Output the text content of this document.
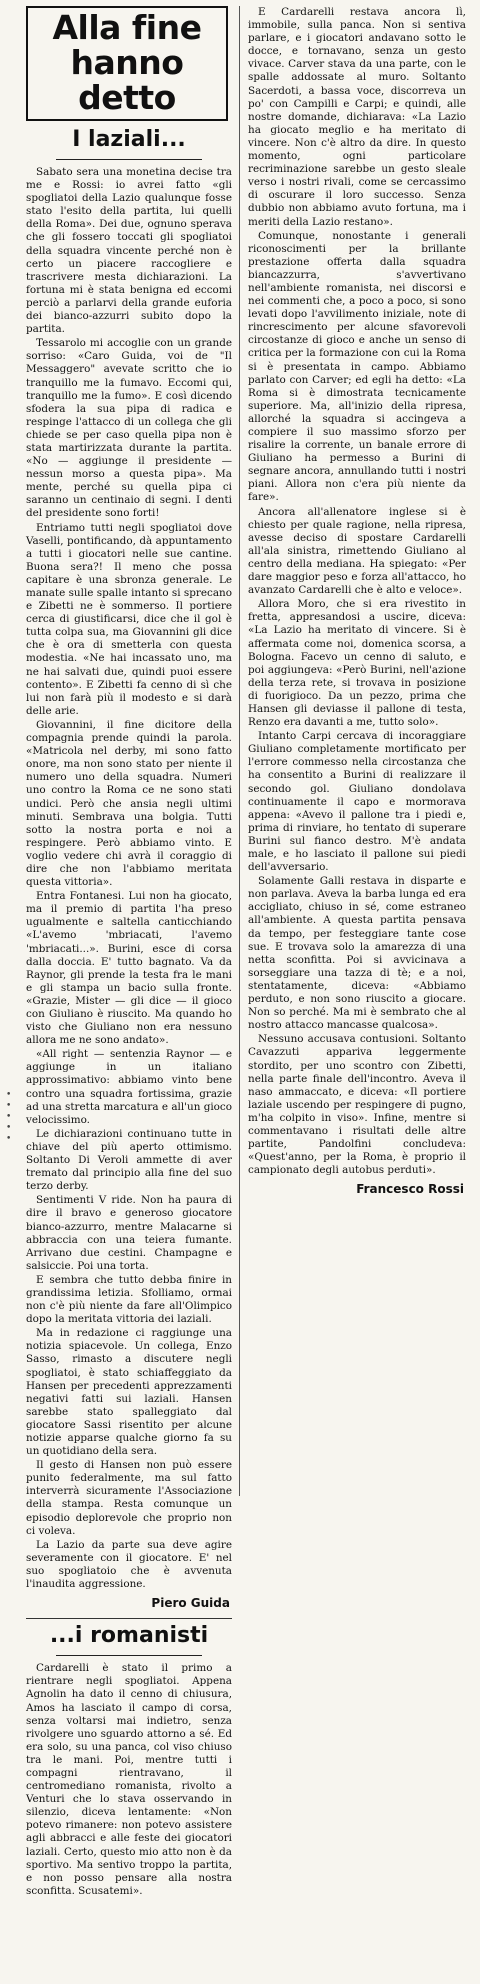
• • • • •
Alla fine
hanno detto
I laziali...

Sabato sera una monetina decise tra me e Rossi: io avrei fatto «gli spogliatoi della Lazio qualunque fosse stato l'esito della partita, lui quelli della Roma». Dei due, ognuno sperava che gli fossero toccati gli spogliatoi della squadra vincente perché non è certo un piacere raccogliere e trascrivere mesta dichiarazioni. La fortuna mi è stata benigna ed eccomi perciò a parlarvi della grande euforia dei bianco-azzurri subito dopo la partita.

Tessarolo mi accoglie con un grande sorriso: «Caro Guida, voi de "Il Messaggero" avevate scritto che io tranquillo me la fumavo. Eccomi qui, tranquillo me la fumo». E così dicendo sfodera la sua pipa di radica e respinge l'attacco di un collega che gli chiede se per caso quella pipa non è stata martirizzata durante la partita. «No — aggiunge il presidente — nessun morso a questa pipa». Ma mente, perché su quella pipa ci saranno un centinaio di segni. I denti del presidente sono forti!

Entriamo tutti negli spogliatoi dove Vaselli, pontificando, dà appuntamento a tutti i giocatori nelle sue cantine. Buona sera?! Il meno che possa capitare è una sbronza generale. Le manate sulle spalle intanto si sprecano e Zibetti ne è sommerso. Il portiere cerca di giustificarsi, dice che il gol è tutta colpa sua, ma Giovannini gli dice che è ora di smetterla con questa modestia. «Ne hai incassato uno, ma ne hai salvati due, quindi puoi essere contento». E Zibetti fa cenno di sì che lui non farà più il modesto e si darà delle arie.

Giovannini, il fine dicitore della compagnia prende quindi la parola. «Matricola nel derby, mi sono fatto onore, ma non sono stato per niente il numero uno della squadra. Numeri uno contro la Roma ce ne sono stati undici. Però che ansia negli ultimi minuti. Sembrava una bolgia. Tutti sotto la nostra porta e noi a respingere. Però abbiamo vinto. E voglio vedere chi avrà il coraggio di dire che non l'abbiamo meritata questa vittoria».

Entra Fontanesi. Lui non ha giocato, ma il premio di partita l'ha preso ugualmente e saltella canticchiando «L'avemo 'mbriacati, l'avemo 'mbriacati...». Burini, esce di corsa dalla doccia. E' tutto bagnato. Va da Raynor, gli prende la testa fra le mani e gli stampa un bacio sulla fronte. «Grazie, Mister — gli dice — il gioco con Giuliano è riuscito. Ma quando ho visto che Giuliano non era nessuno allora me ne sono andato».

«All right — sentenzia Raynor — e aggiunge in un italiano approssimativo: abbiamo vinto bene contro una squadra fortissima, grazie ad una stretta marcatura e all'un gioco velocissimo.

Le dichiarazioni continuano tutte in chiave del più aperto ottimismo. Soltanto Di Veroli ammette di aver tremato dal principio alla fine del suo terzo derby.

Sentimenti V ride. Non ha paura di dire il bravo e generoso giocatore bianco-azzurro, mentre Malacarne si abbraccia con una teiera fumante. Arrivano due cestini. Champagne e salsiccie. Poi una torta.

E sembra che tutto debba finire in grandissima letizia. Sfolliamo, ormai non c'è più niente da fare all'Olimpico dopo la meritata vittoria dei laziali.

Ma in redazione ci raggiunge una notizia spiacevole. Un collega, Enzo Sasso, rimasto a discutere negli spogliatoi, è stato schiaffeggiato da Hansen per precedenti apprezzamenti negativi fatti sui laziali. Hansen sarebbe stato spalleggiato dal giocatore Sassi risentito per alcune notizie apparse qualche giorno fa su un quotidiano della sera.

Il gesto di Hansen non può essere punito federalmente, ma sul fatto interverrà sicuramente l'Associazione della stampa. Resta comunque un episodio deplorevole che proprio non ci voleva.

La Lazio da parte sua deve agire severamente con il giocatore. E' nel suo spogliatoio che è avvenuta l'inaudita aggressione.

Piero Guida
...i romanisti

Cardarelli è stato il primo a rientrare negli spogliatoi. Appena Agnolin ha dato il cenno di chiusura, Amos ha lasciato il campo di corsa, senza voltarsi mai indietro, senza rivolgere uno sguardo attorno a sé. Ed era solo, su una panca, col viso chiuso tra le mani. Poi, mentre tutti i compagni rientravano, il centromediano romanista, rivolto a Venturi che lo stava osservando in silenzio, diceva lentamente: «Non potevo rimanere: non potevo assistere agli abbracci e alle feste dei giocatori laziali. Certo, questo mio atto non è da sportivo. Ma sentivo troppo la partita, e non posso pensare alla nostra sconfitta. Scusatemi».

E Cardarelli restava ancora lì, immobile, sulla panca. Non si sentiva parlare, e i giocatori andavano sotto le docce, e tornavano, senza un gesto vivace. Carver stava da una parte, con le spalle addossate al muro. Soltanto Sacerdoti, a bassa voce, discorreva un po' con Campilli e Carpi; e quindi, alle nostre domande, dichiarava: «La Lazio ha giocato meglio e ha meritato di vincere. Non c'è altro da dire. In questo momento, ogni particolare recriminazione sarebbe un gesto sleale verso i nostri rivali, come se cercassimo di oscurare il loro successo. Senza dubbio non abbiamo avuto fortuna, ma i meriti della Lazio restano».

Comunque, nonostante i generali riconoscimenti per la brillante prestazione offerta dalla squadra biancazzurra, s'avvertivano nell'ambiente romanista, nei discorsi e nei commenti che, a poco a poco, si sono levati dopo l'avvilimento iniziale, note di rincrescimento per alcune sfavorevoli circostanze di gioco e anche un senso di critica per la formazione con cui la Roma si è presentata in campo. Abbiamo parlato con Carver; ed egli ha detto: «La Roma si è dimostrata tecnicamente superiore. Ma, all'inizio della ripresa, allorché la squadra si accingeva a compiere il suo massimo sforzo per risalire la corrente, un banale errore di Giuliano ha permesso a Burini di segnare ancora, annullando tutti i nostri piani. Allora non c'era più niente da fare».

Ancora all'allenatore inglese si è chiesto per quale ragione, nella ripresa, avesse deciso di spostare Cardarelli all'ala sinistra, rimettendo Giuliano al centro della mediana. Ha spiegato: «Per dare maggior peso e forza all'attacco, ho avanzato Cardarelli che è alto e veloce».

Allora Moro, che si era rivestito in fretta, appresandosi a uscire, diceva: «La Lazio ha meritato di vincere. Si è affermata come noi, domenica scorsa, a Bologna. Facevo un cenno di saluto, e poi aggiungeva: «Però Burini, nell'azione della terza rete, si trovava in posizione di fuorigioco. Da un pezzo, prima che Hansen gli deviasse il pallone di testa, Renzo era davanti a me, tutto solo».

Intanto Carpi cercava di incoraggiare Giuliano completamente mortificato per l'errore commesso nella circostanza che ha consentito a Burini di realizzare il secondo gol. Giuliano dondolava continuamente il capo e mormorava appena: «Avevo il pallone tra i piedi e, prima di rinviare, ho tentato di superare Burini sul fianco destro. M'è andata male, e ho lasciato il pallone sui piedi dell'avversario.

Solamente Galli restava in disparte e non parlava. Aveva la barba lunga ed era accigliato, chiuso in sé, come estraneo all'ambiente. A questa partita pensava da tempo, per festeggiare tante cose sue. E trovava solo la amarezza di una netta sconfitta. Poi si avvicinava a sorseggiare una tazza di tè; e a noi, stentatamente, diceva: «Abbiamo perduto, e non sono riuscito a giocare. Non so perché. Ma mi è sembrato che al nostro attacco mancasse qualcosa».

Nessuno accusava contusioni. Soltanto Cavazzuti appariva leggermente stordito, per uno scontro con Zibetti, nella parte finale dell'incontro. Aveva il naso ammaccato, e diceva: «Il portiere laziale uscendo per respingere di pugno, m'ha colpito in viso». Infine, mentre si commentavano i risultati delle altre partite, Pandolfini concludeva: «Quest'anno, per la Roma, è proprio il campionato degli autobus perduti».

Francesco Rossi
